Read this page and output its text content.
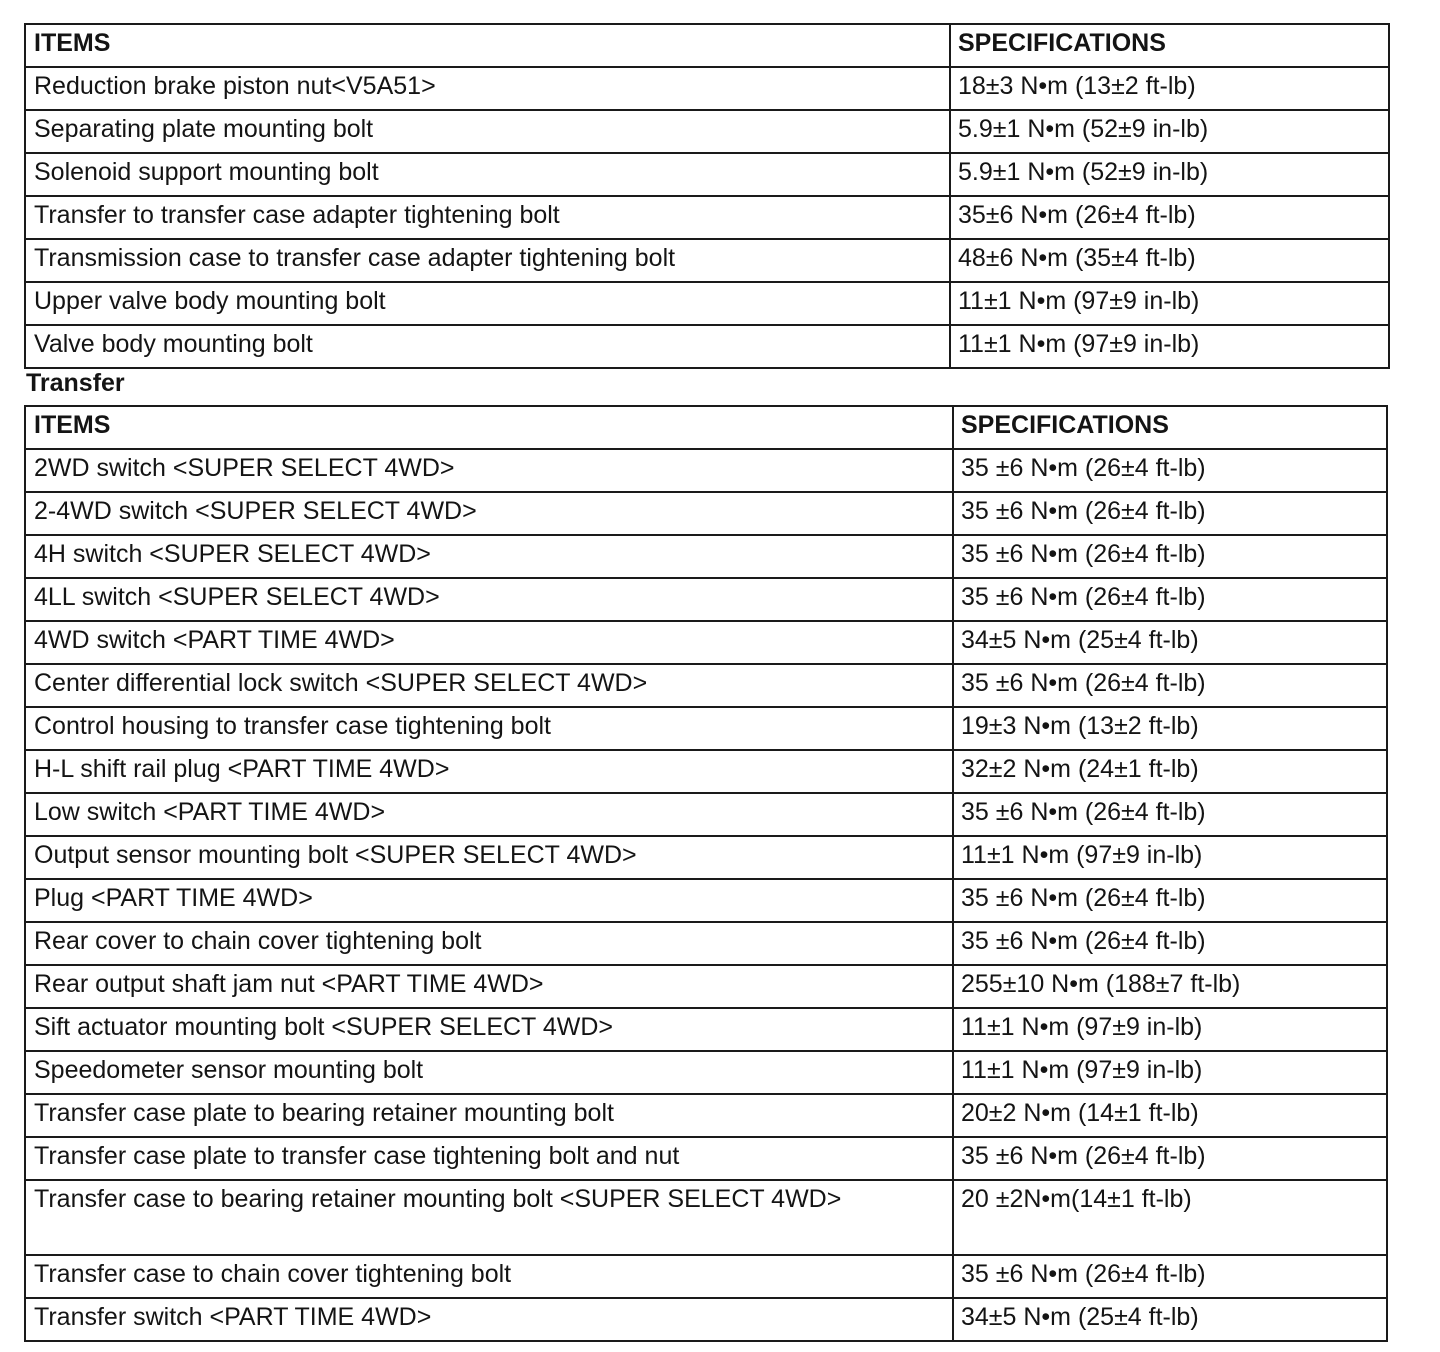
ITEMS	SPECIFICATIONS

Reduction brake piston nut<V5A51>	18±3 N•m (13±2 ft-lb)

Separating plate mounting bolt	5.9±1 N•m (52±9 in-lb)

Solenoid support mounting bolt	5.9±1 N•m (52±9 in-lb)

Transfer to transfer case adapter tightening bolt	35±6 N•m (26±4 ft-lb)

Transmission case to transfer case adapter tightening bolt	48±6 N•m (35±4 ft-lb)

Upper valve body mounting bolt	11±1 N•m (97±9 in-lb)

Valve body mounting bolt	11±1 N•m (97±9 in-lb)
Transfer
ITEMS	SPECIFICATIONS

2WD switch <SUPER SELECT 4WD>	35 ±6 N•m (26±4 ft-lb)

2-4WD switch <SUPER SELECT 4WD>	35 ±6 N•m (26±4 ft-lb)

4H switch <SUPER SELECT 4WD>	35 ±6 N•m (26±4 ft-lb)

4LL switch <SUPER SELECT 4WD>	35 ±6 N•m (26±4 ft-lb)

4WD switch <PART TIME 4WD>	34±5 N•m (25±4 ft-lb)

Center differential lock switch <SUPER SELECT 4WD>	35 ±6 N•m (26±4 ft-lb)

Control housing to transfer case tightening bolt	19±3 N•m (13±2 ft-lb)

H-L shift rail plug <PART TIME 4WD>	32±2 N•m (24±1 ft-lb)

Low switch <PART TIME 4WD>	35 ±6 N•m (26±4 ft-lb)

Output sensor mounting bolt <SUPER SELECT 4WD>	11±1 N•m (97±9 in-lb)

Plug <PART TIME 4WD>	35 ±6 N•m (26±4 ft-lb)

Rear cover to chain cover tightening bolt	35 ±6 N•m (26±4 ft-lb)

Rear output shaft jam nut <PART TIME 4WD>	255±10 N•m (188±7 ft-lb)

Sift actuator mounting bolt <SUPER SELECT 4WD>	11±1 N•m (97±9 in-lb)

Speedometer sensor mounting bolt	11±1 N•m (97±9 in-lb)

Transfer case plate to bearing retainer mounting bolt	20±2 N•m (14±1 ft-lb)

Transfer case plate to transfer case tightening bolt and nut	35 ±6 N•m (26±4 ft-lb)

Transfer case to bearing retainer mounting bolt <SUPER SELECT 4WD>	20 ±2N•m(14±1 ft-lb)

Transfer case to chain cover tightening bolt	35 ±6 N•m (26±4 ft-lb)

Transfer switch <PART TIME 4WD>	34±5 N•m (25±4 ft-lb)
